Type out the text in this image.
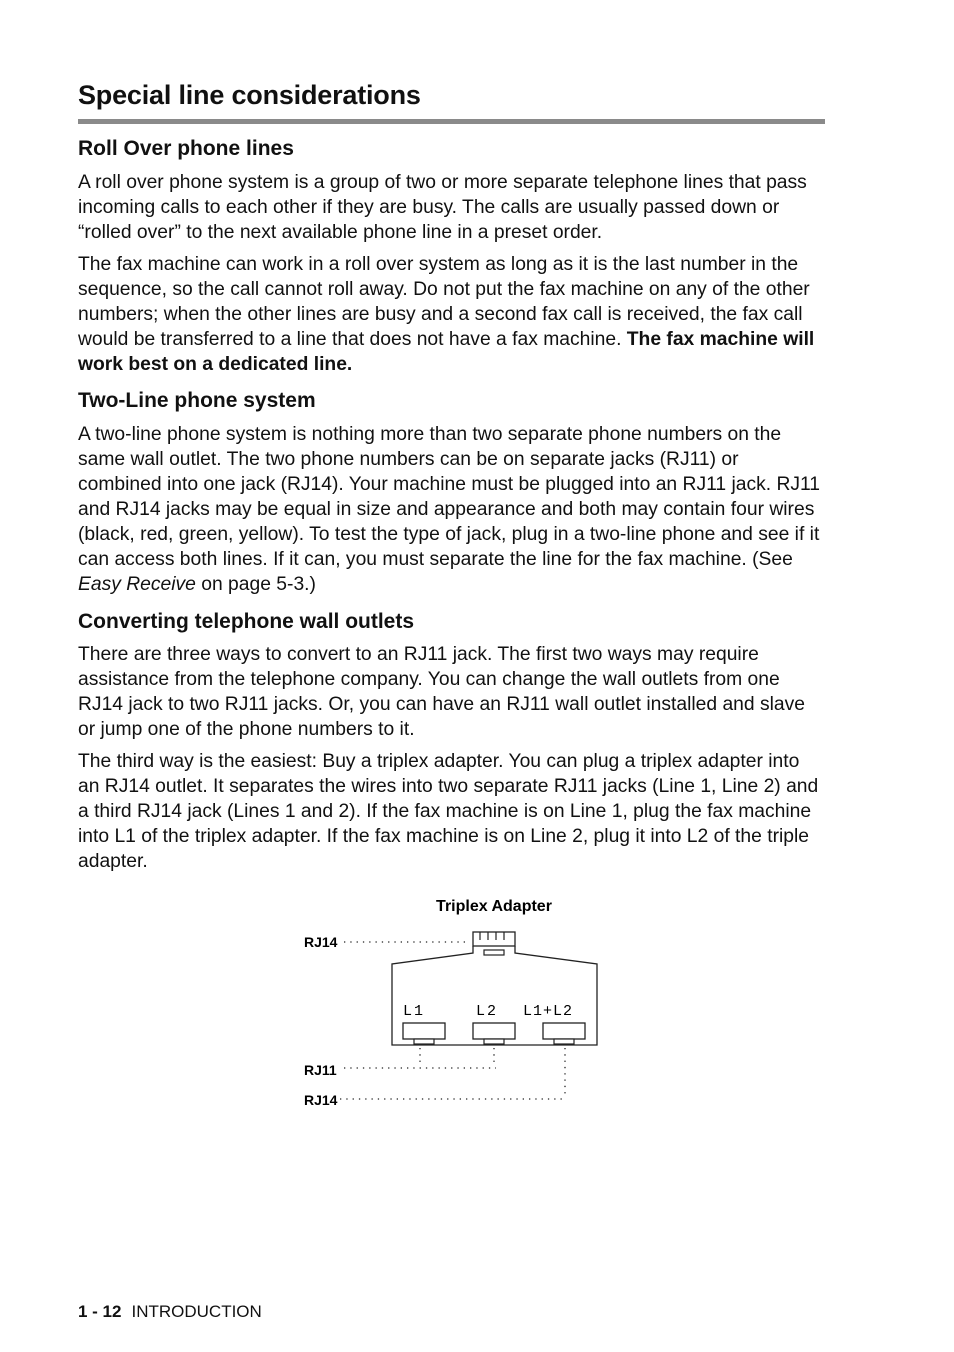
Special line considerations
Roll Over phone lines

A roll over phone system is a group of two or more separate telephone lines that pass incoming calls to each other if they are busy. The calls are usually passed down or “rolled over” to the next available phone line in a preset order.

The fax machine can work in a roll over system as long as it is the last number in the sequence, so the call cannot roll away. Do not put the fax machine on any of the other numbers; when the other lines are busy and a second fax call is received, the fax call would be transferred to a line that does not have a fax machine. The fax machine will work best on a dedicated line.

Two-Line phone system

A two-line phone system is nothing more than two separate phone numbers on the same wall outlet. The two phone numbers can be on separate jacks (RJ11) or combined into one jack (RJ14). Your machine must be plugged into an RJ11 jack. RJ11 and RJ14 jacks may be equal in size and appearance and both may contain four wires (black, red, green, yellow). To test the type of jack, plug in a two-line phone and see if it can access both lines. If it can, you must separate the line for the fax machine. (See Easy Receive on page 5-3.)

Converting telephone wall outlets

There are three ways to convert to an RJ11 jack. The first two ways may require assistance from the telephone company. You can change the wall outlets from one RJ14 jack to two RJ11 jacks. Or, you can have an RJ11 wall outlet installed and slave or jump one of the phone numbers to it.

The third way is the easiest: Buy a triplex adapter. You can plug a triplex adapter into an RJ14 outlet. It separates the wires into two separate RJ11 jacks (Line 1, Line 2) and a third RJ14 jack (Lines 1 and 2). If the fax machine is on Line 1, plug the fax machine into L1 of the triplex adapter. If the fax machine is on Line 2, plug it into L2 of the triple adapter.

Triplex Adapter
RJ14
L1	L2 L1+L2
RJ11
RJ14
1 - 12 INTRODUCTION
